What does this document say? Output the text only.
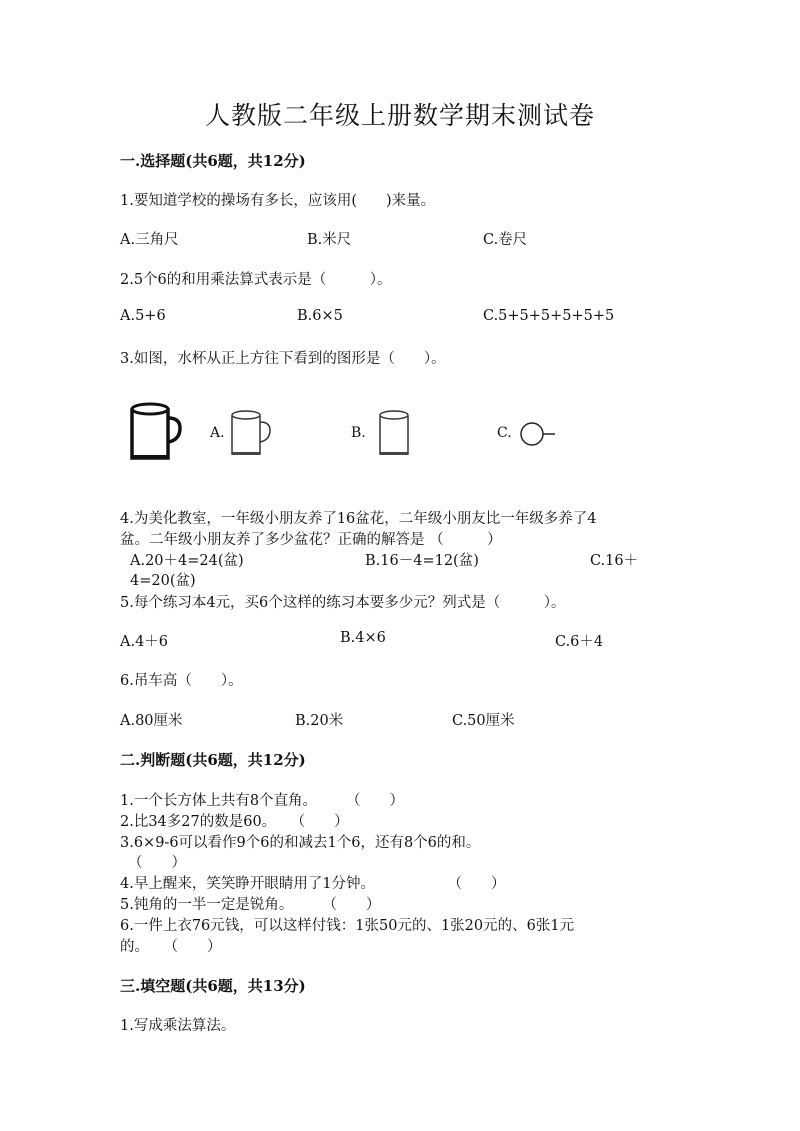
人教版二年级上册数学期末测试卷
一.选择题(共6题，共12分)
1.要知道学校的操场有多长，应该用(　　)来量。
A.三角尺	B.米尺	C.卷尺
2.5个6的和用乘法算式表示是（　　　）。
A.5+6	B.6×5	C.5+5+5+5+5+5
3.如图，水杯从正上方往下看到的图形是（　　）。
A.	B.	C.
4.为美化教室，一年级小朋友养了16盆花，二年级小朋友比一年级多养了4
盆。二年级小朋友养了多少盆花？正确的解答是 （　　　）
A.20＋4=24(盆)	B.16－4=12(盆)	C.16＋
4=20(盆)
5.每个练习本4元，买6个这样的练习本要多少元？列式是（　　　）。
A.4＋6	B.4×6	C.6＋4
6.吊车高（　　）。
A.80厘米	B.20米	C.50厘米
二.判断题(共6题，共12分)
1.一个长方体上共有8个直角。　　　（　　）
2.比34多27的数是60。　　（　　）
3.6×9-6可以看作9个6的和减去1个6，还有8个6的和。
（　　）
4.早上醒来，笑笑睁开眼睛用了1分钟。　　　　　　（　　）
5.钝角的一半一定是锐角。　　　（　　）
6.一件上衣76元钱，可以这样付钱：1张50元的、1张20元的、6张1元
的。　　（　　）
三.填空题(共6题，共13分)
1.写成乘法算法。
